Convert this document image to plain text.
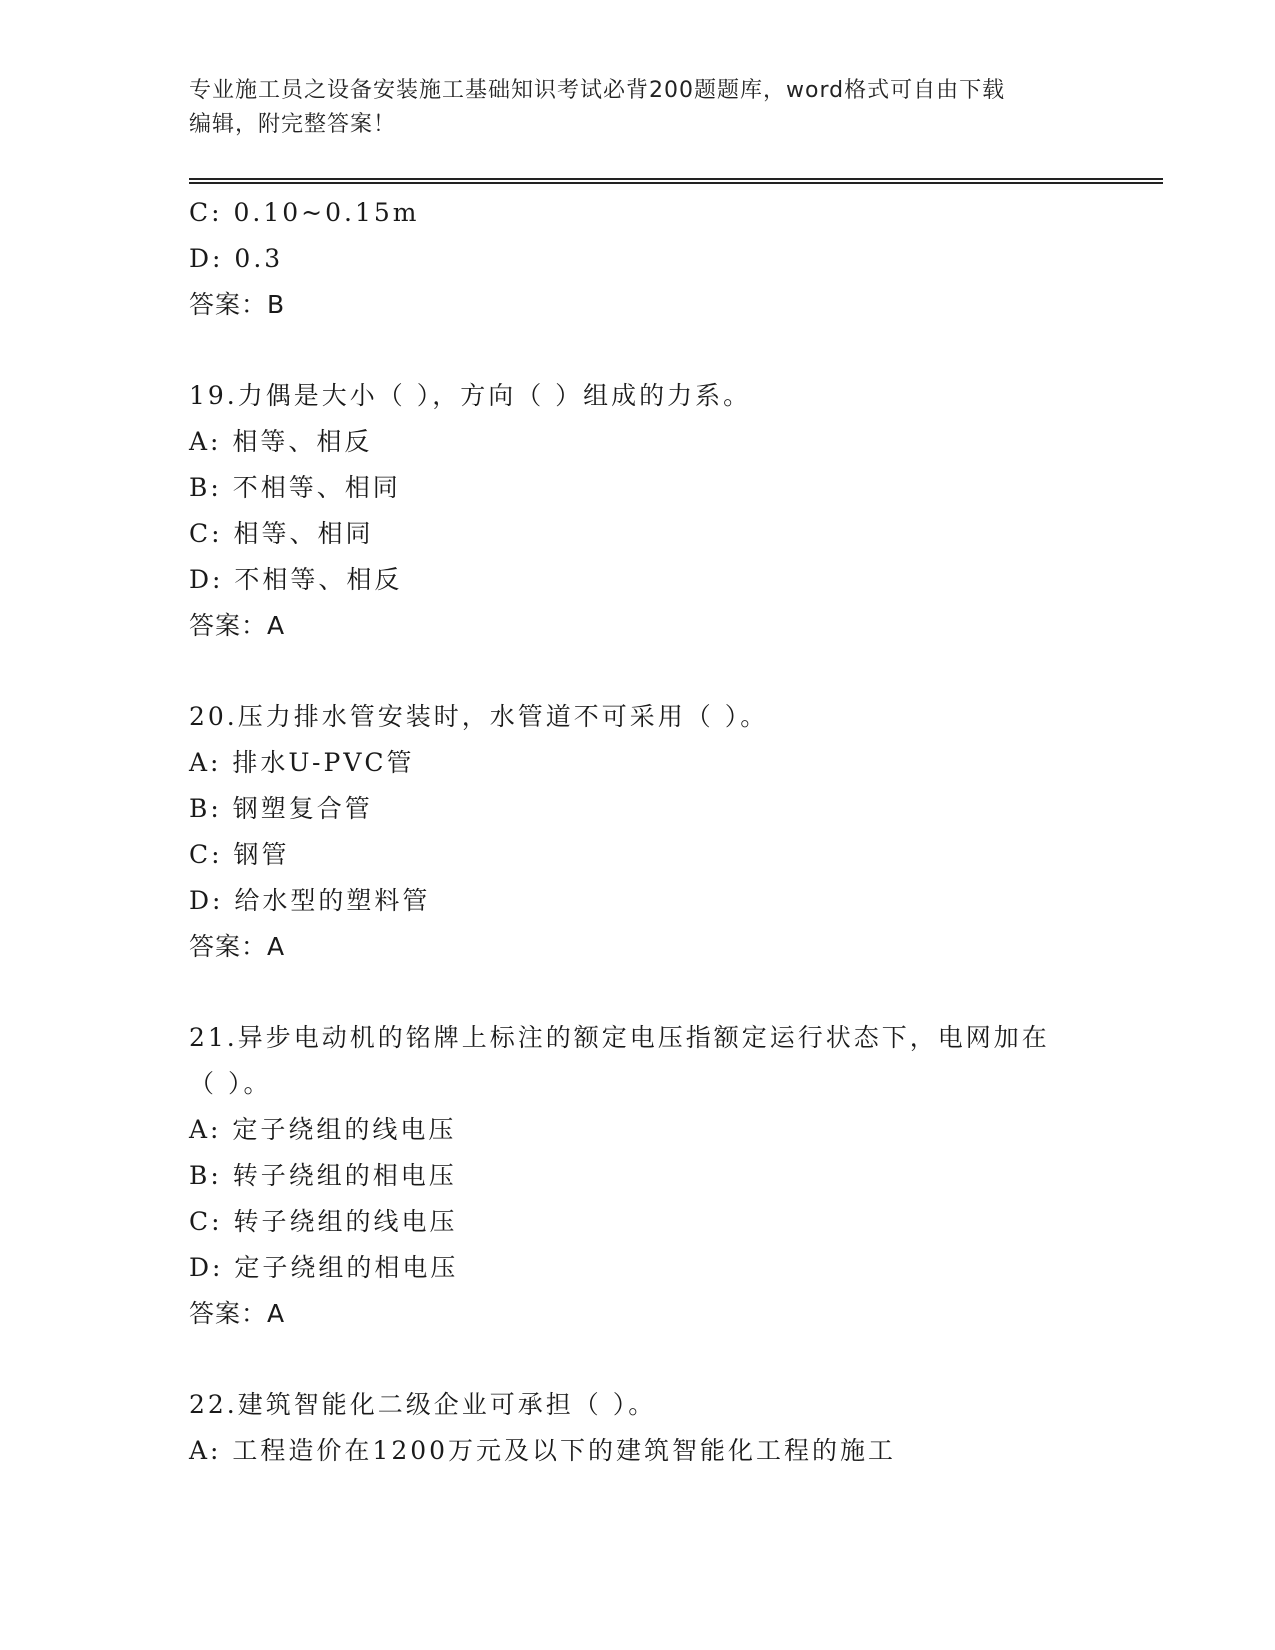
专业施工员之设备安装施工基础知识考试必背200题题库，word格式可自由下载
编辑，附完整答案！
C: 0.10~0.15m
D: 0.3
答案：B
19.力偶是大小（ ），方向（ ）组成的力系。
A: 相等、相反
B: 不相等、相同
C: 相等、相同
D: 不相等、相反
答案：A
20.压力排水管安装时，水管道不可采用（ ）。
A: 排水U-PVC管
B: 钢塑复合管
C: 钢管
D: 给水型的塑料管
答案：A
21.异步电动机的铭牌上标注的额定电压指额定运行状态下，电网加在
（ ）。
A: 定子绕组的线电压
B: 转子绕组的相电压
C: 转子绕组的线电压
D: 定子绕组的相电压
答案：A
22.建筑智能化二级企业可承担（ ）。
A: 工程造价在1200万元及以下的建筑智能化工程的施工
